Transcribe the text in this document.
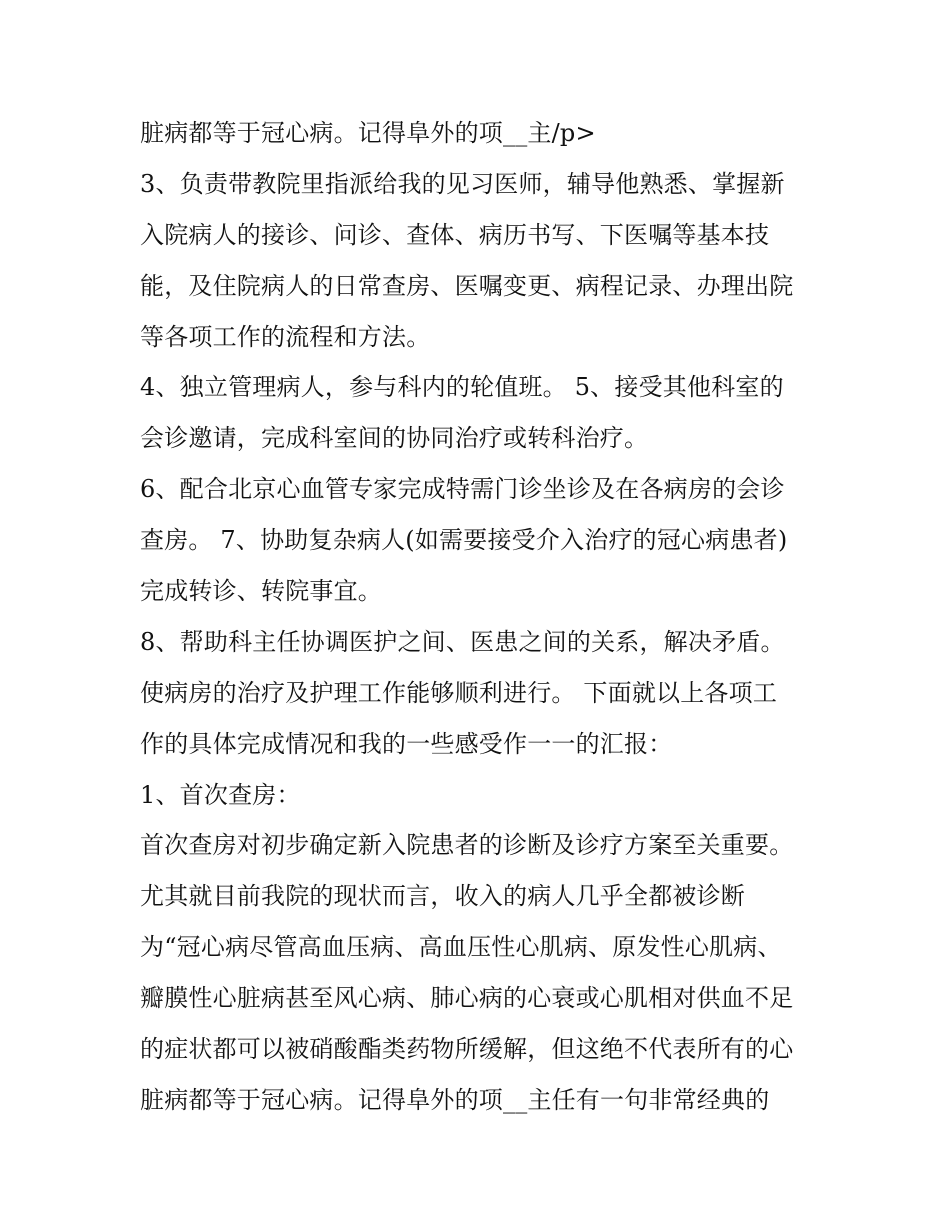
脏病都等于冠心病。记得阜外的项__主/p>
3、负责带教院里指派给我的见习医师，辅导他熟悉、掌握新
入院病人的接诊、问诊、查体、病历书写、下医嘱等基本技
能，及住院病人的日常查房、医嘱变更、病程记录、办理出院
等各项工作的流程和方法。
4、独立管理病人，参与科内的轮值班。 5、接受其他科室的
会诊邀请，完成科室间的协同治疗或转科治疗。
6、配合北京心血管专家完成特需门诊坐诊及在各病房的会诊
查房。 7、协助复杂病人(如需要接受介入治疗的冠心病患者)
完成转诊、转院事宜。
8、帮助科主任协调医护之间、医患之间的关系，解决矛盾。
使病房的治疗及护理工作能够顺利进行。 下面就以上各项工
作的具体完成情况和我的一些感受作一一的汇报：
1、首次查房：
首次查房对初步确定新入院患者的诊断及诊疗方案至关重要。
尤其就目前我院的现状而言，收入的病人几乎全都被诊断
为“冠心病尽管高血压病、高血压性心肌病、原发性心肌病、
瓣膜性心脏病甚至风心病、肺心病的心衰或心肌相对供血不足
的症状都可以被硝酸酯类药物所缓解，但这绝不代表所有的心
脏病都等于冠心病。记得阜外的项__主任有一句非常经典的
